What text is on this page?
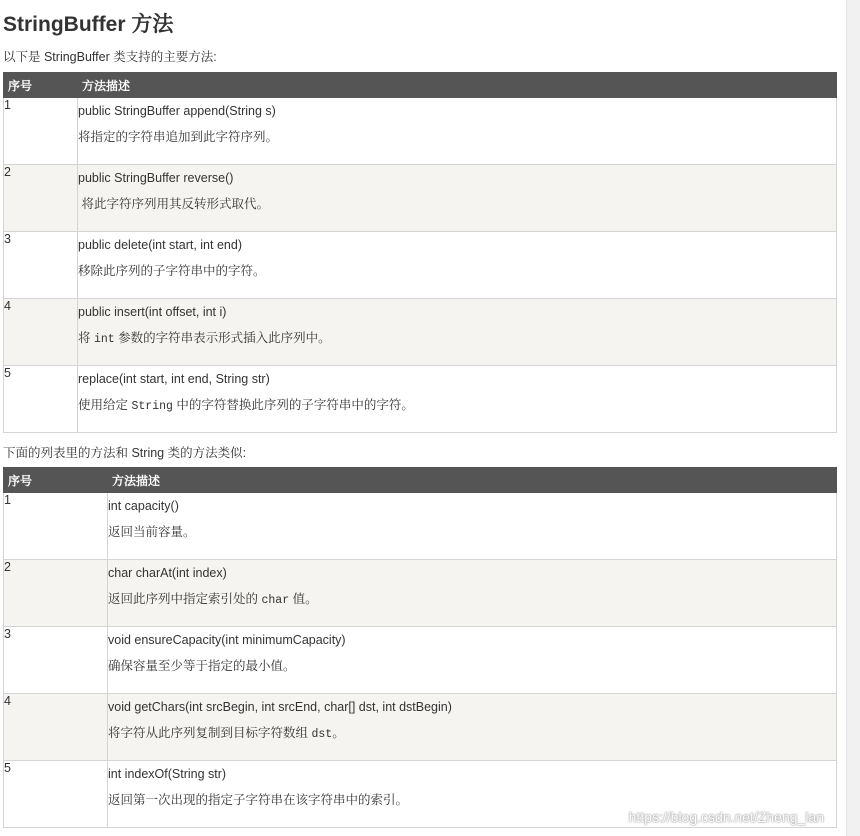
StringBuffer 方法

以下是 StringBuffer 类支持的主要方法:

序号	方法描述
1	public StringBuffer append(String s)
将指定的字符串追加到此字符序列。

2	public StringBuffer reverse()
将此字符序列用其反转形式取代。

3	public delete(int start, int end)
移除此序列的子字符串中的字符。

4	public insert(int offset, int i)
将 int 参数的字符串表示形式插入此序列中。

5	replace(int start, int end, String str)
使用给定 String 中的字符替换此序列的子字符串中的字符。

下面的列表里的方法和 String 类的方法类似:

序号	方法描述
1	int capacity()
返回当前容量。

2	char charAt(int index)
返回此序列中指定索引处的 char 值。

3	void ensureCapacity(int minimumCapacity)
确保容量至少等于指定的最小值。

4	void getChars(int srcBegin, int srcEnd, char[] dst, int dstBegin)
将字符从此序列复制到目标字符数组 dst。

5	int indexOf(String str)
返回第一次出现的指定子字符串在该字符串中的索引。
https://blog.csdn.net/Zheng_lan
